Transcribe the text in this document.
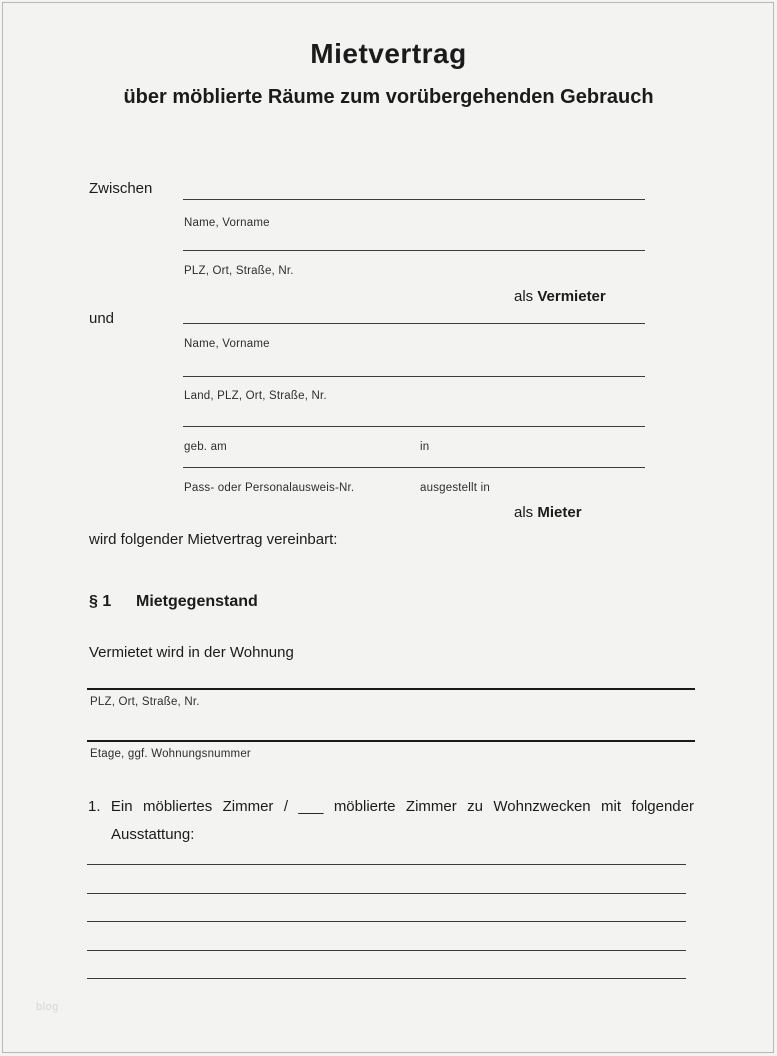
Mietvertrag
über möblierte Räume zum vorübergehenden Gebrauch
Zwischen
Name, Vorname
PLZ, Ort, Straße, Nr.
als Vermieter
und
Name, Vorname
Land, PLZ, Ort, Straße, Nr.
geb. am	in
Pass- oder Personalausweis-Nr.	ausgestellt in
als Mieter
wird folgender Mietvertrag vereinbart:
§ 1	Mietgegenstand
Vermietet wird in der Wohnung
PLZ, Ort, Straße, Nr.
Etage, ggf. Wohnungsnummer
1. Ein möbliertes Zimmer / ___ möblierte Zimmer zu Wohnzwecken mit folgender Ausstattung:
blog
